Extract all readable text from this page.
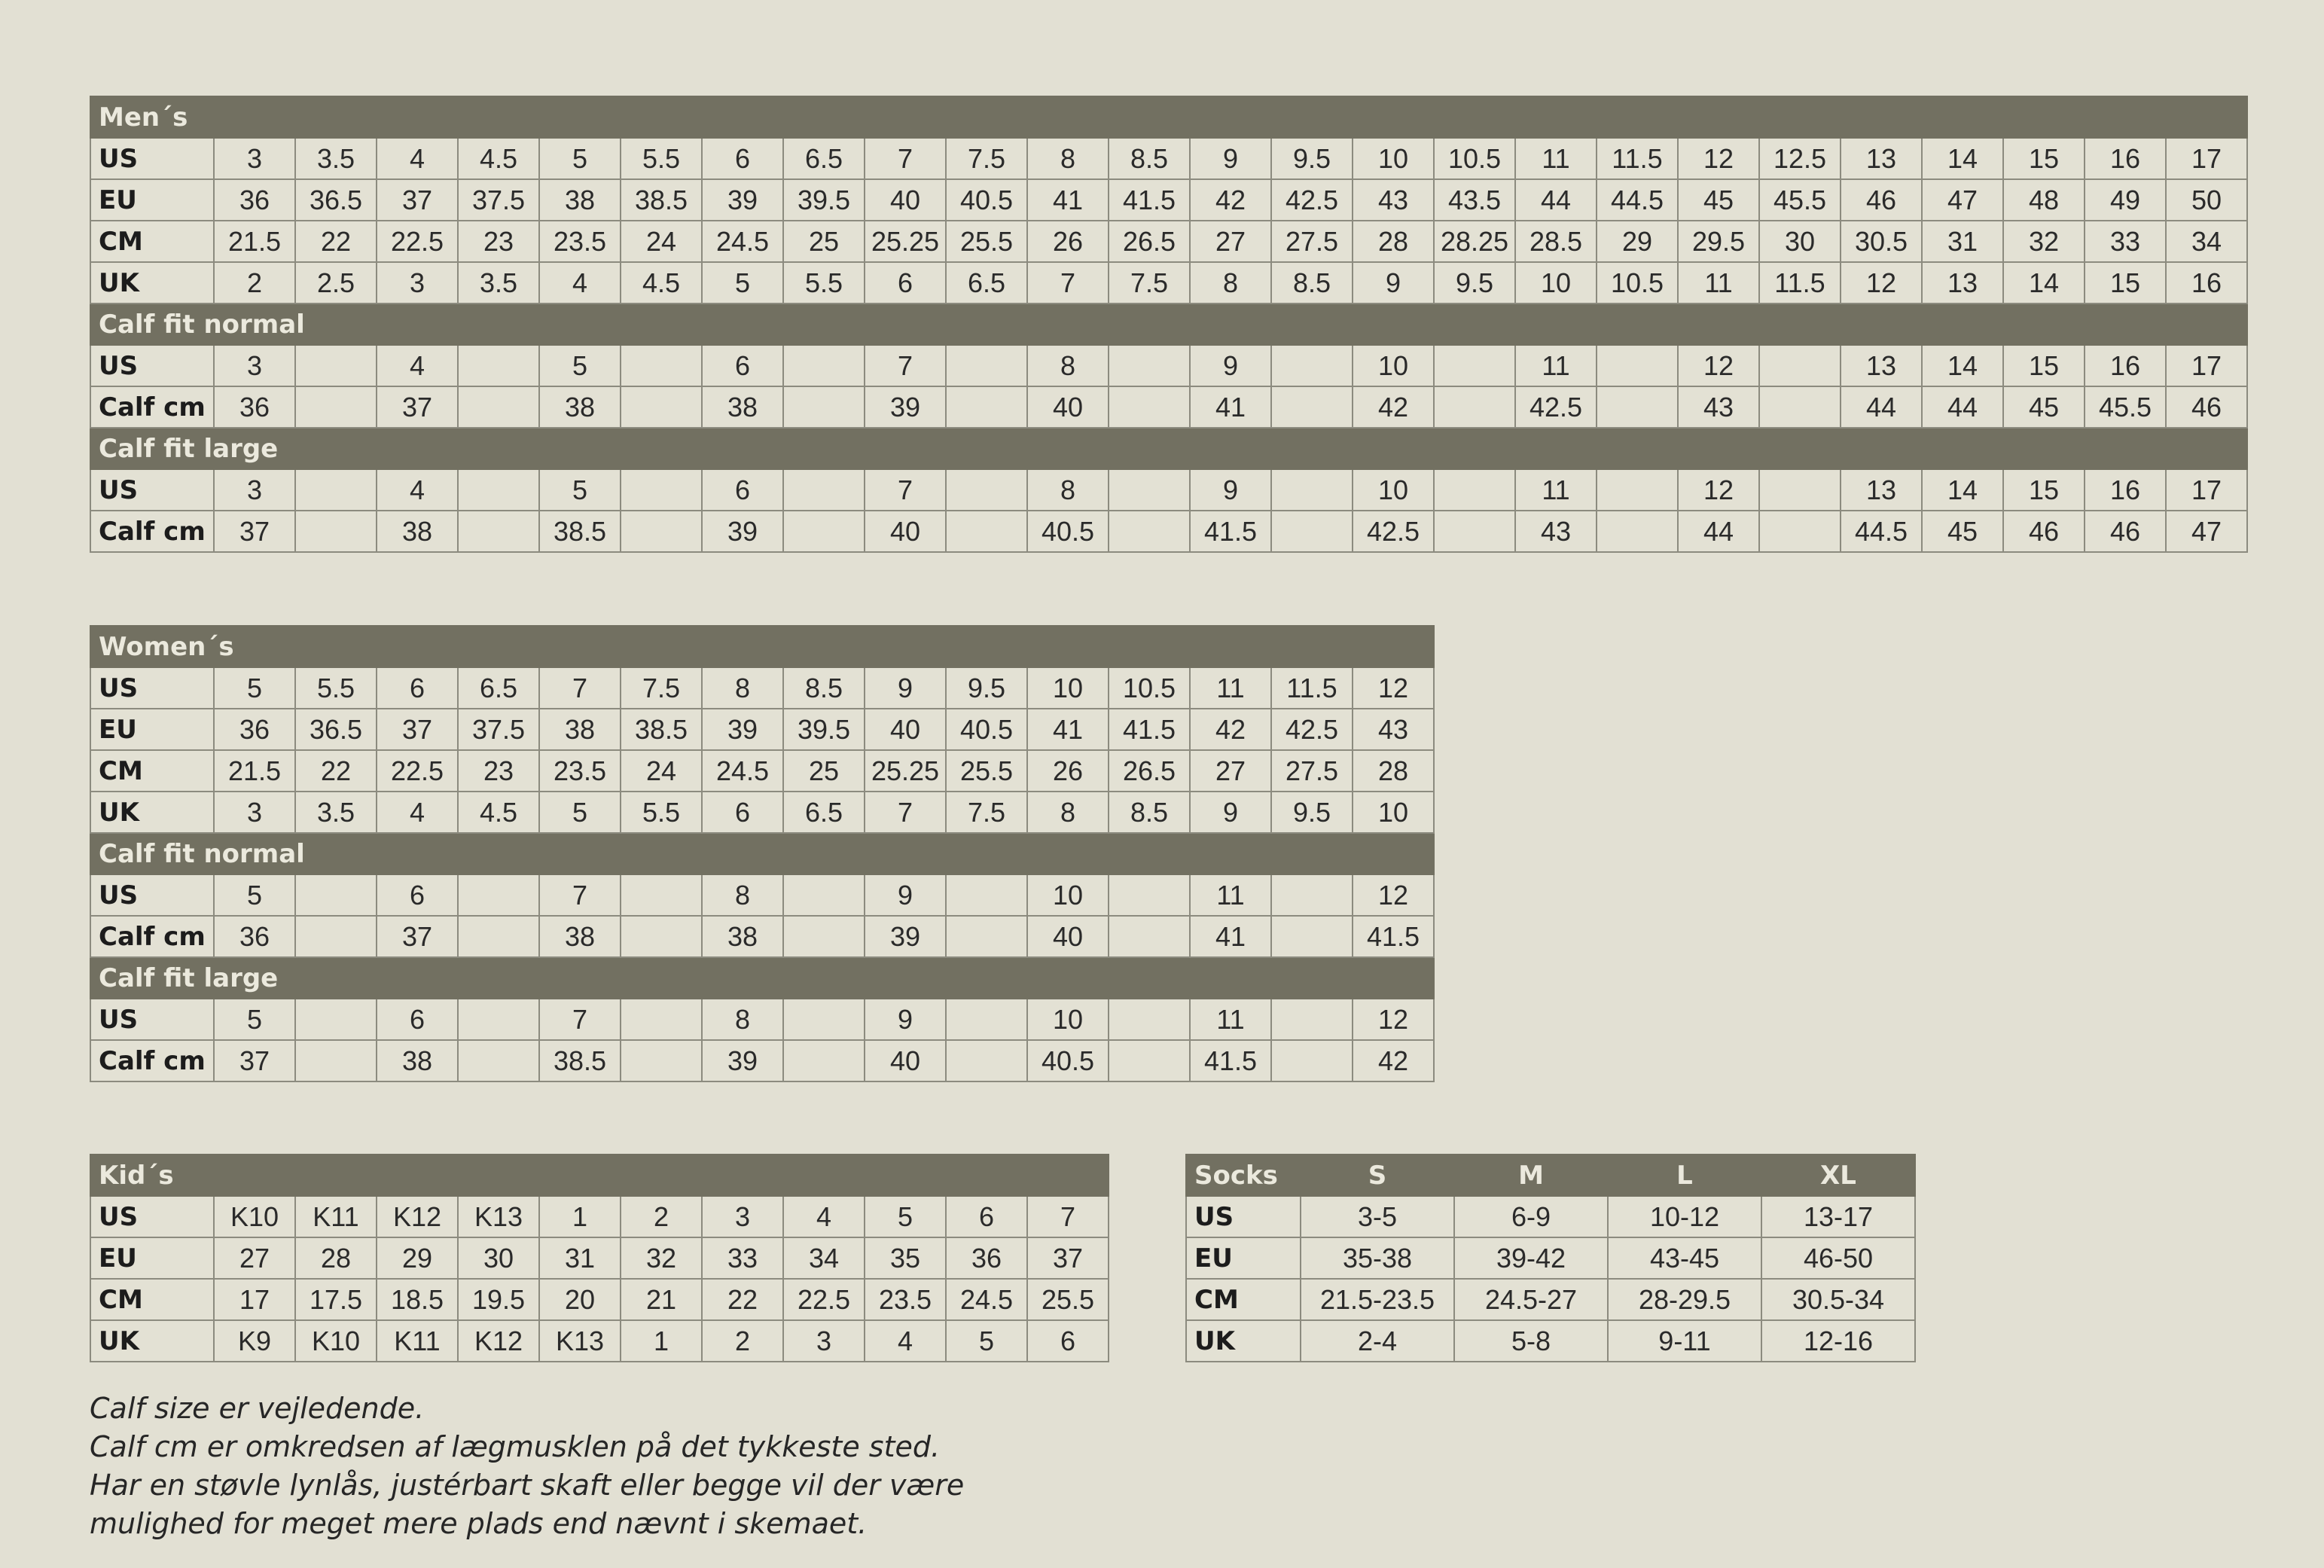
Men´s																									
US	3	3.5	4	4.5	5	5.5	6	6.5	7	7.5	8	8.5	9	9.5	10	10.5	11	11.5	12	12.5	13	14	15	16	17
EU	36	36.5	37	37.5	38	38.5	39	39.5	40	40.5	41	41.5	42	42.5	43	43.5	44	44.5	45	45.5	46	47	48	49	50
CM	21.5	22	22.5	23	23.5	24	24.5	25	25.25	25.5	26	26.5	27	27.5	28	28.25	28.5	29	29.5	30	30.5	31	32	33	34
UK	2	2.5	3	3.5	4	4.5	5	5.5	6	6.5	7	7.5	8	8.5	9	9.5	10	10.5	11	11.5	12	13	14	15	16
Calf fit normal																									
US	3		4		5		6		7		8		9		10		11		12		13	14	15	16	17
Calf cm	36		37		38		38		39		40		41		42		42.5		43		44	44	45	45.5	46
Calf fit large																									
US	3		4		5		6		7		8		9		10		11		12		13	14	15	16	17
Calf cm	37		38		38.5		39		40		40.5		41.5		42.5		43		44		44.5	45	46	46	47
Women´s															
US	5	5.5	6	6.5	7	7.5	8	8.5	9	9.5	10	10.5	11	11.5	12
EU	36	36.5	37	37.5	38	38.5	39	39.5	40	40.5	41	41.5	42	42.5	43
CM	21.5	22	22.5	23	23.5	24	24.5	25	25.25	25.5	26	26.5	27	27.5	28
UK	3	3.5	4	4.5	5	5.5	6	6.5	7	7.5	8	8.5	9	9.5	10
Calf fit normal															
US	5		6		7		8		9		10		11		12
Calf cm	36		37		38		38		39		40		41		41.5
Calf fit large															
US	5		6		7		8		9		10		11		12
Calf cm	37		38		38.5		39		40		40.5		41.5		42
Kid´s											
US	K10	K11	K12	K13	1	2	3	4	5	6	7
EU	27	28	29	30	31	32	33	34	35	36	37
CM	17	17.5	18.5	19.5	20	21	22	22.5	23.5	24.5	25.5
UK	K9	K10	K11	K12	K13	1	2	3	4	5	6
Socks	S	M	L	XL
US	3-5	6-9	10-12	13-17
EU	35-38	39-42	43-45	46-50
CM	21.5-23.5	24.5-27	28-29.5	30.5-34
UK	2-4	5-8	9-11	12-16

Calf size er vejledende.

Calf cm er omkredsen af lægmusklen på det tykkeste sted.

Har en støvle lynlås, justérbart skaft eller begge vil der være

mulighed for meget mere plads end nævnt i skemaet.
